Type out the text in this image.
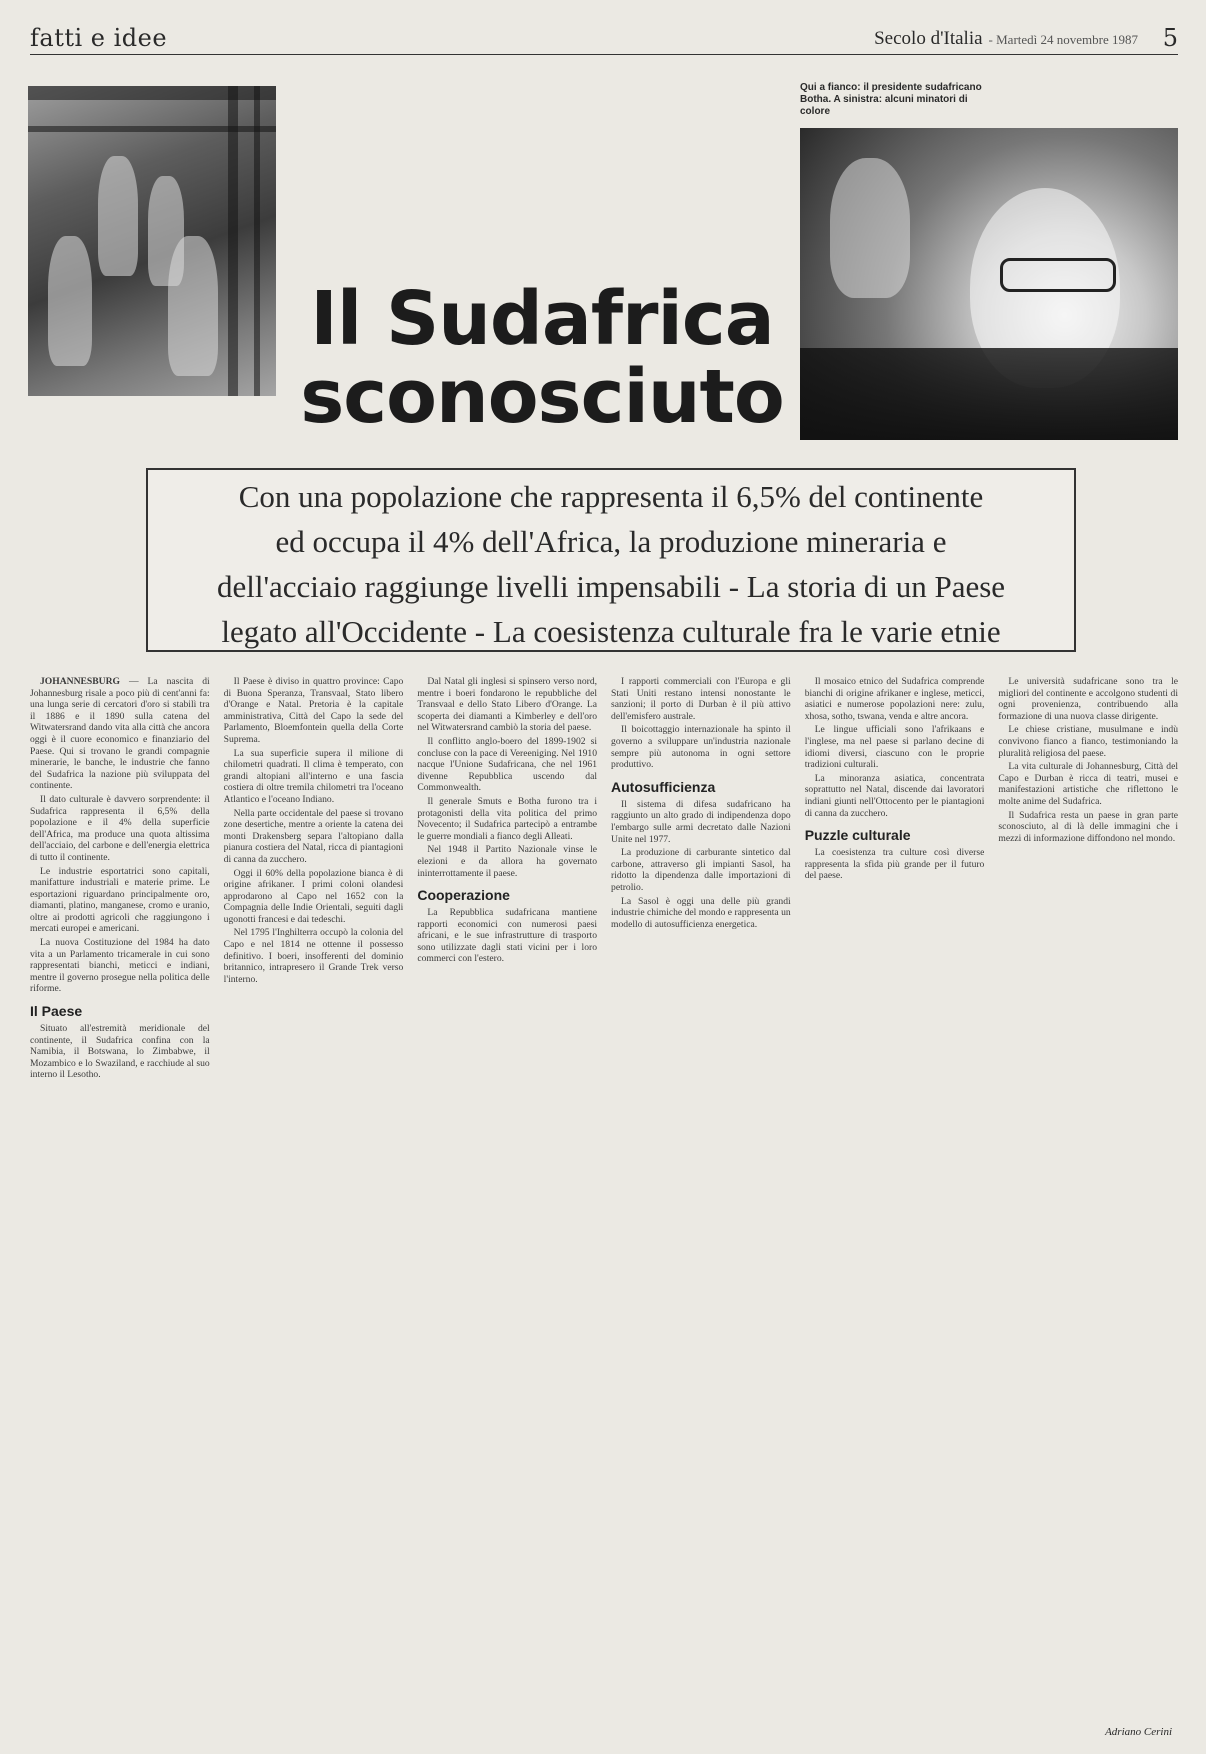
fatti e idee	Secolo d'Italia - Martedì 24 novembre 1987 5
Qui a fianco: il presidente sudafricano Botha. A sinistra: alcuni minatori di colore
Il Sudafrica
sconosciuto
Con una popolazione che rappresenta il 6,5% del continente
ed occupa il 4% dell'Africa, la produzione mineraria e
dell'acciaio raggiunge livelli impensabili - La storia di un Paese
legato all'Occidente - La coesistenza culturale fra le varie etnie

JOHANNESBURG — La nascita di Johannesburg risale a poco più di cent'anni fa: una lunga serie di cercatori d'oro si stabilì tra il 1886 e il 1890 sulla catena del Witwatersrand dando vita alla città che ancora oggi è il cuore economico e finanziario del Paese. Qui si trovano le grandi compagnie minerarie, le banche, le industrie che fanno del Sudafrica la nazione più sviluppata del continente.

Il dato culturale è davvero sorprendente: il Sudafrica rappresenta il 6,5% della popolazione e il 4% della superficie dell'Africa, ma produce una quota altissima dell'acciaio, del carbone e dell'energia elettrica di tutto il continente.

Le industrie esportatrici sono capitali, manifatture industriali e materie prime. Le esportazioni riguardano principalmente oro, diamanti, platino, manganese, cromo e uranio, oltre ai prodotti agricoli che raggiungono i mercati europei e americani.

La nuova Costituzione del 1984 ha dato vita a un Parlamento tricamerale in cui sono rappresentati bianchi, meticci e indiani, mentre il governo prosegue nella politica delle riforme.

Il Paese

Situato all'estremità meridionale del continente, il Sudafrica confina con la Namibia, il Botswana, lo Zimbabwe, il Mozambico e lo Swaziland, e racchiude al suo interno il Lesotho.

Il Paese è diviso in quattro province: Capo di Buona Speranza, Transvaal, Stato libero d'Orange e Natal. Pretoria è la capitale amministrativa, Città del Capo la sede del Parlamento, Bloemfontein quella della Corte Suprema.

La sua superficie supera il milione di chilometri quadrati. Il clima è temperato, con grandi altopiani all'interno e una fascia costiera di oltre tremila chilometri tra l'oceano Atlantico e l'oceano Indiano.

Nella parte occidentale del paese si trovano zone desertiche, mentre a oriente la catena dei monti Drakensberg separa l'altopiano dalla pianura costiera del Natal, ricca di piantagioni di canna da zucchero.

Oggi il 60% della popolazione bianca è di origine afrikaner. I primi coloni olandesi approdarono al Capo nel 1652 con la Compagnia delle Indie Orientali, seguiti dagli ugonotti francesi e dai tedeschi.

Nel 1795 l'Inghilterra occupò la colonia del Capo e nel 1814 ne ottenne il possesso definitivo. I boeri, insofferenti del dominio britannico, intrapresero il Grande Trek verso l'interno.

Dal Natal gli inglesi si spinsero verso nord, mentre i boeri fondarono le repubbliche del Transvaal e dello Stato Libero d'Orange. La scoperta dei diamanti a Kimberley e dell'oro nel Witwatersrand cambiò la storia del paese.

Il conflitto anglo-boero del 1899-1902 si concluse con la pace di Vereeniging. Nel 1910 nacque l'Unione Sudafricana, che nel 1961 divenne Repubblica uscendo dal Commonwealth.

Il generale Smuts e Botha furono tra i protagonisti della vita politica del primo Novecento; il Sudafrica partecipò a entrambe le guerre mondiali a fianco degli Alleati.

Nel 1948 il Partito Nazionale vinse le elezioni e da allora ha governato ininterrottamente il paese.

Cooperazione

La Repubblica sudafricana mantiene rapporti economici con numerosi paesi africani, e le sue infrastrutture di trasporto sono utilizzate dagli stati vicini per i loro commerci con l'estero.

I rapporti commerciali con l'Europa e gli Stati Uniti restano intensi nonostante le sanzioni; il porto di Durban è il più attivo dell'emisfero australe.

Il boicottaggio internazionale ha spinto il governo a sviluppare un'industria nazionale sempre più autonoma in ogni settore produttivo.

Autosufficienza

Il sistema di difesa sudafricano ha raggiunto un alto grado di indipendenza dopo l'embargo sulle armi decretato dalle Nazioni Unite nel 1977.

La produzione di carburante sintetico dal carbone, attraverso gli impianti Sasol, ha ridotto la dipendenza dalle importazioni di petrolio.

La Sasol è oggi una delle più grandi industrie chimiche del mondo e rappresenta un modello di autosufficienza energetica.

Il mosaico etnico del Sudafrica comprende bianchi di origine afrikaner e inglese, meticci, asiatici e numerose popolazioni nere: zulu, xhosa, sotho, tswana, venda e altre ancora.

Le lingue ufficiali sono l'afrikaans e l'inglese, ma nel paese si parlano decine di idiomi diversi, ciascuno con le proprie tradizioni culturali.

La minoranza asiatica, concentrata soprattutto nel Natal, discende dai lavoratori indiani giunti nell'Ottocento per le piantagioni di canna da zucchero.

Puzzle culturale

La coesistenza tra culture così diverse rappresenta la sfida più grande per il futuro del paese.

Le università sudafricane sono tra le migliori del continente e accolgono studenti di ogni provenienza, contribuendo alla formazione di una nuova classe dirigente.

Le chiese cristiane, musulmane e indù convivono fianco a fianco, testimoniando la pluralità religiosa del paese.

La vita culturale di Johannesburg, Città del Capo e Durban è ricca di teatri, musei e manifestazioni artistiche che riflettono le molte anime del Sudafrica.

Il Sudafrica resta un paese in gran parte sconosciuto, al di là delle immagini che i mezzi di informazione diffondono nel mondo.

Adriano Cerini
